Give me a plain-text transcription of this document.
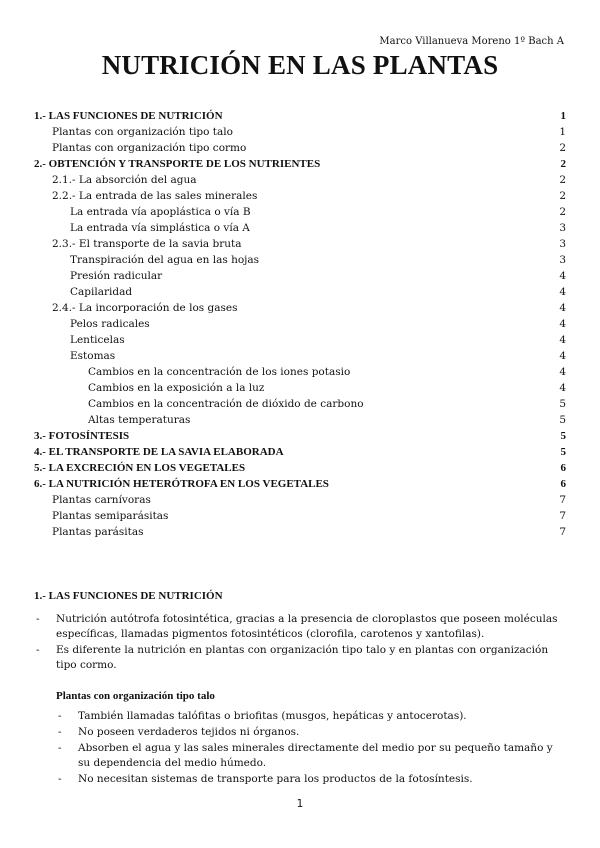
Marco Villanueva Moreno 1º Bach A
NUTRICIÓN EN LAS PLANTAS
1.- LAS FUNCIONES DE NUTRICIÓN	1
Plantas con organización tipo talo	1
Plantas con organización tipo cormo	2
2.- OBTENCIÓN Y TRANSPORTE DE LOS NUTRIENTES	2
2.1.- La absorción del agua	2
2.2.- La entrada de las sales minerales	2
La entrada vía apoplástica o vía B	2
La entrada vía simplástica o vía A	3
2.3.- El transporte de la savia bruta	3
Transpiración del agua en las hojas	3
Presión radicular	4
Capilaridad	4
2.4.- La incorporación de los gases	4
Pelos radicales	4
Lenticelas	4
Estomas	4
Cambios en la concentración de los iones potasio	4
Cambios en la exposición a la luz	4
Cambios en la concentración de dióxido de carbono	5
Altas temperaturas	5
3.- FOTOSÍNTESIS	5
4.- EL TRANSPORTE DE LA SAVIA ELABORADA	5
5.- LA EXCRECIÓN EN LOS VEGETALES	6
6.- LA NUTRICIÓN HETERÓTROFA EN LOS VEGETALES	6
Plantas carnívoras	7
Plantas semiparásitas	7
Plantas parásitas	7
1.- LAS FUNCIONES DE NUTRICIÓN
- Nutrición autótrofa fotosintética, gracias a la presencia de cloroplastos que poseen moléculas específicas, llamadas pigmentos fotosintéticos (clorofila, carotenos y xantofilas).
- Es diferente la nutrición en plantas con organización tipo talo y en plantas con organización tipo cormo.
Plantas con organización tipo talo
- También llamadas talófitas o briofitas (musgos, hepáticas y antocerotas).
- No poseen verdaderos tejidos ni órganos.
- Absorben el agua y las sales minerales directamente del medio por su pequeño tamaño y su dependencia del medio húmedo.
- No necesitan sistemas de transporte para los productos de la fotosíntesis.
1
